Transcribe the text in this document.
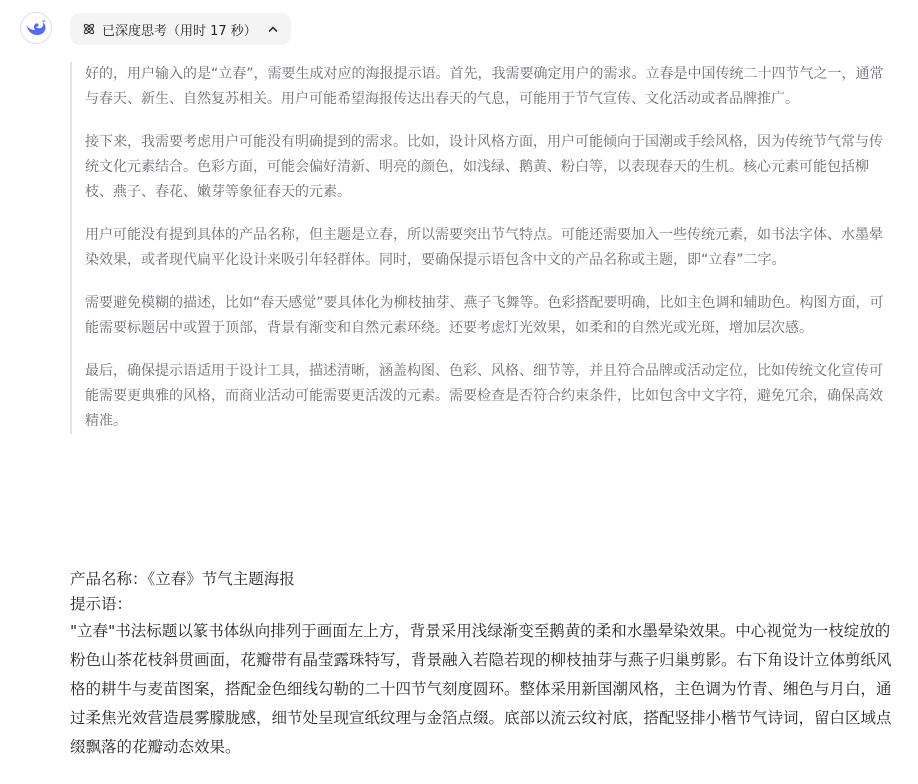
已深度思考（用时 17 秒）

好的，用户输入的是“立春”，需要生成对应的海报提示语。首先，我需要确定用户的需求。立春是中国传统二十四节气之一，通常与春天、新生、自然复苏相关。用户可能希望海报传达出春天的气息，可能用于节气宣传、文化活动或者品牌推广。

接下来，我需要考虑用户可能没有明确提到的需求。比如，设计风格方面，用户可能倾向于国潮或手绘风格，因为传统节气常与传统文化元素结合。色彩方面，可能会偏好清新、明亮的颜色，如浅绿、鹅黄、粉白等，以表现春天的生机。核心元素可能包括柳枝、燕子、春花、嫩芽等象征春天的元素。

用户可能没有提到具体的产品名称，但主题是立春，所以需要突出节气特点。可能还需要加入一些传统元素，如书法字体、水墨晕染效果，或者现代扁平化设计来吸引年轻群体。同时，要确保提示语包含中文的产品名称或主题，即“立春”二字。

需要避免模糊的描述，比如“春天感觉”要具体化为柳枝抽芽、燕子飞舞等。色彩搭配要明确，比如主色调和辅助色。构图方面，可能需要标题居中或置于顶部，背景有渐变和自然元素环绕。还要考虑灯光效果，如柔和的自然光或光斑，增加层次感。

最后，确保提示语适用于设计工具，描述清晰，涵盖构图、色彩、风格、细节等，并且符合品牌或活动定位，比如传统文化宣传可能需要更典雅的风格，而商业活动可能需要更活泼的元素。需要检查是否符合约束条件，比如包含中文字符，避免冗余，确保高效精准。

产品名称：《立春》节气主题海报

提示语：

"立春"书法标题以篆书体纵向排列于画面左上方，背景采用浅绿渐变至鹅黄的柔和水墨晕染效果。中心视觉为一枝绽放的粉色山茶花枝斜贯画面，花瓣带有晶莹露珠特写，背景融入若隐若现的柳枝抽芽与燕子归巢剪影。右下角设计立体剪纸风格的耕牛与麦苗图案，搭配金色细线勾勒的二十四节气刻度圆环。整体采用新国潮风格，主色调为竹青、缃色与月白，通过柔焦光效营造晨雾朦胧感，细节处呈现宣纸纹理与金箔点缀。底部以流云纹衬底，搭配竖排小楷节气诗词，留白区域点缀飘落的花瓣动态效果。
